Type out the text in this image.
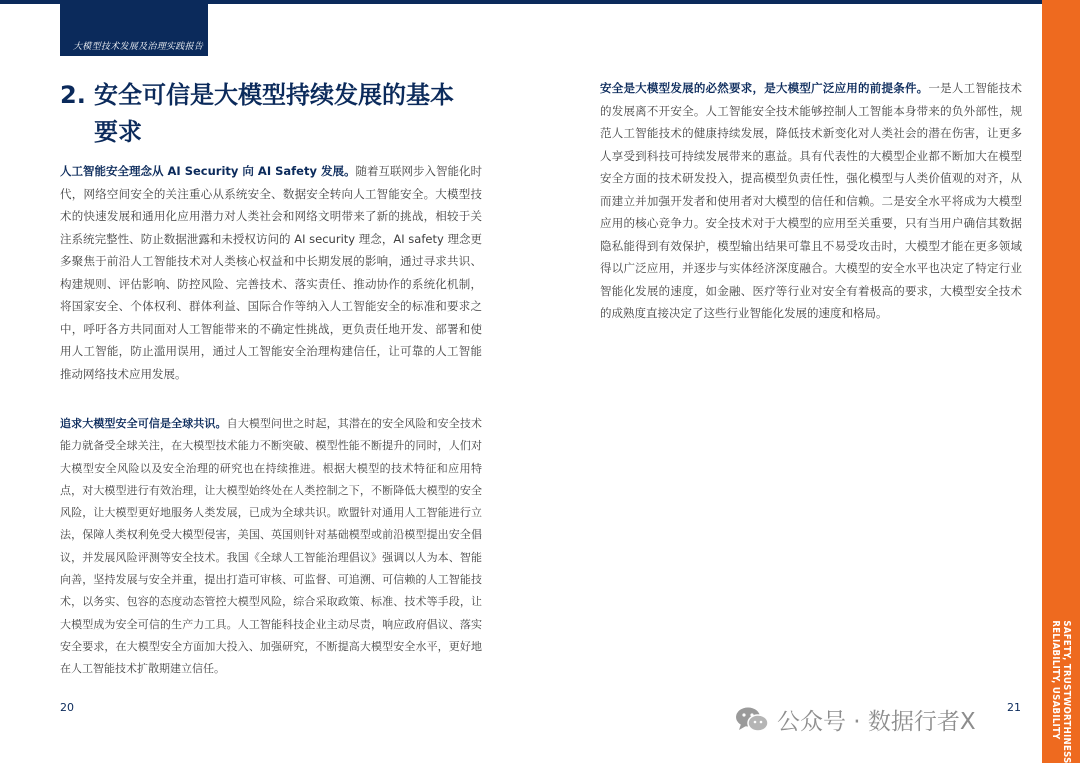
大模型技术发展及治理实践报告
SAFETY, TRUSTWORTHINESS
RELIABILITY, USABILITY
2. 安全可信是大模型持续发展的基本
要求

人工智能安全理念从 AI Security 向 AI Safety 发展。随着互联网步入智能化时代，网络空间安全的关注重心从系统安全、数据安全转向人工智能安全。大模型技术的快速发展和通用化应用潜力对人类社会和网络文明带来了新的挑战，相较于关注系统完整性、防止数据泄露和未授权访问的 AI security 理念，AI safety 理念更多聚焦于前沿人工智能技术对人类核心权益和中长期发展的影响，通过寻求共识、构建规则、评估影响、防控风险、完善技术、落实责任、推动协作的系统化机制，将国家安全、个体权利、群体利益、国际合作等纳入人工智能安全的标准和要求之中，呼吁各方共同面对人工智能带来的不确定性挑战，更负责任地开发、部署和使用人工智能，防止滥用误用，通过人工智能安全治理构建信任，让可靠的人工智能推动网络技术应用发展。

追求大模型安全可信是全球共识。自大模型问世之时起，其潜在的安全风险和安全技术能力就备受全球关注，在大模型技术能力不断突破、模型性能不断提升的同时，人们对大模型安全风险以及安全治理的研究也在持续推进。根据大模型的技术特征和应用特点，对大模型进行有效治理，让大模型始终处在人类控制之下，不断降低大模型的安全风险，让大模型更好地服务人类发展，已成为全球共识。欧盟针对通用人工智能进行立法，保障人类权利免受大模型侵害，美国、英国则针对基础模型或前沿模型提出安全倡议，并发展风险评测等安全技术。我国《全球人工智能治理倡议》强调以人为本、智能向善，坚持发展与安全并重，提出打造可审核、可监督、可追溯、可信赖的人工智能技术，以务实、包容的态度动态管控大模型风险，综合采取政策、标准、技术等手段，让大模型成为安全可信的生产力工具。人工智能科技企业主动尽责，响应政府倡议、落实安全要求，在大模型安全方面加大投入、加强研究，不断提高大模型安全水平，更好地在人工智能技术扩散期建立信任。

安全是大模型发展的必然要求，是大模型广泛应用的前提条件。一是人工智能技术的发展离不开安全。人工智能安全技术能够控制人工智能本身带来的负外部性，规范人工智能技术的健康持续发展，降低技术新变化对人类社会的潜在伤害，让更多人享受到科技可持续发展带来的惠益。具有代表性的大模型企业都不断加大在模型安全方面的技术研发投入，提高模型负责任性，强化模型与人类价值观的对齐，从而建立并加强开发者和使用者对大模型的信任和信赖。二是安全水平将成为大模型应用的核心竞争力。安全技术对于大模型的应用至关重要，只有当用户确信其数据隐私能得到有效保护，模型输出结果可靠且不易受攻击时，大模型才能在更多领域得以广泛应用，并逐步与实体经济深度融合。大模型的安全水平也决定了特定行业智能化发展的速度，如金融、医疗等行业对安全有着极高的要求，大模型安全技术的成熟度直接决定了这些行业智能化发展的速度和格局。

20	21
公众号 · 数据行者X
